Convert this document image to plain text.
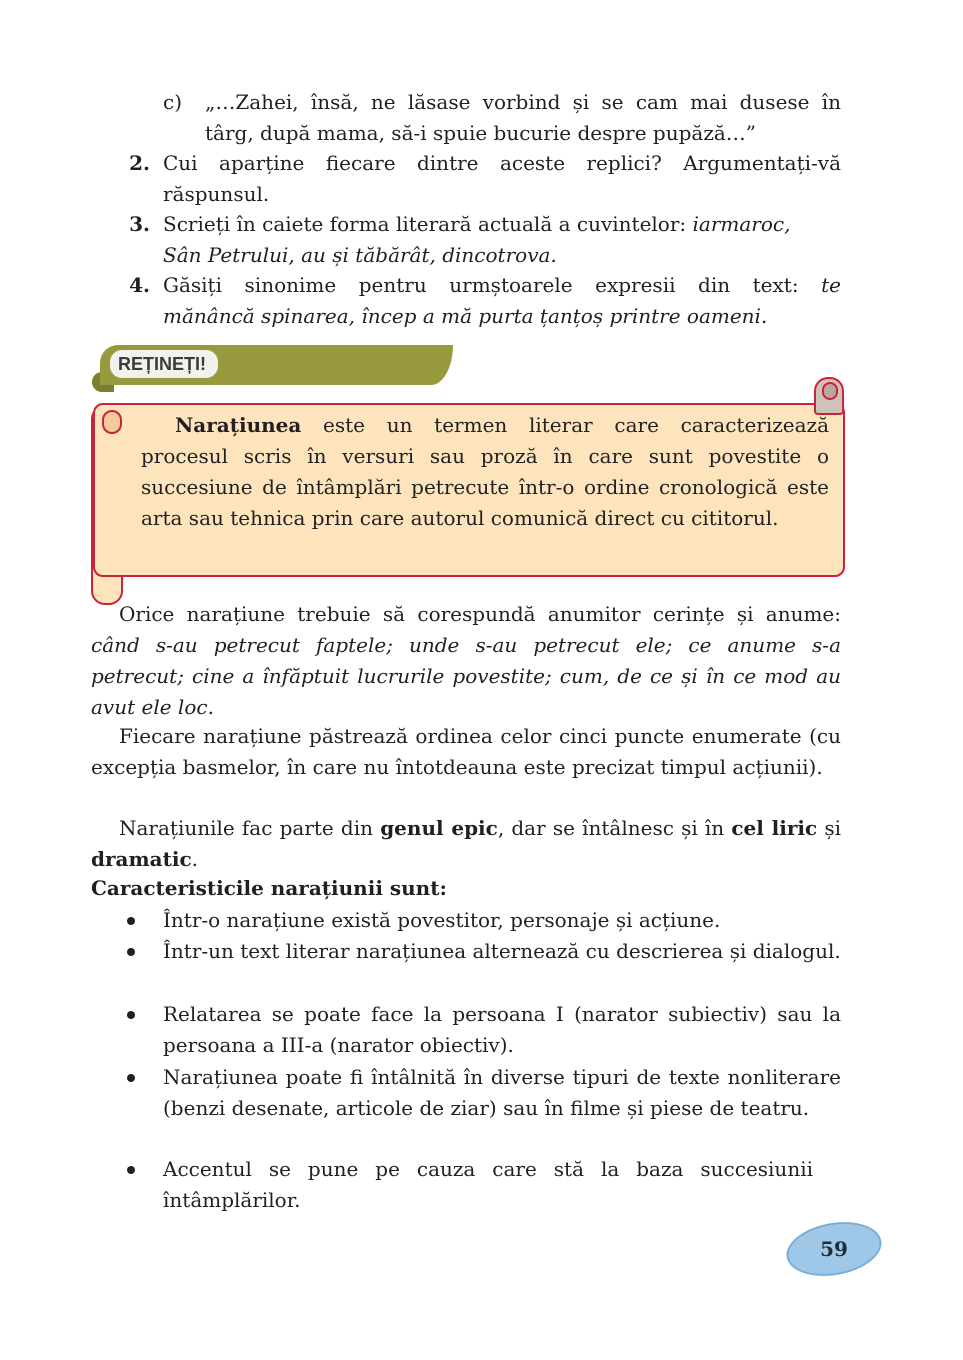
c) „…Zahei, însă, ne lăsase vorbind și se cam mai dusese în
târg, după mama, să-i spuie bucurie despre pupăză…”
2. Cui aparține fiecare dintre aceste replici? Argumentați-vă
răspunsul.
3. Scrieți în caiete forma literară actuală a cuvintelor: iarmaroc,
Sân Petrului, au și tăbărât, dincotrova.
4. Găsiți sinonime pentru urmștoarele expresii din text: te
mănâncă spinarea, încep a mă purta țanțoș printre oameni.
REȚINEȚI!
Narațiunea este un termen literar care caracterizează procesul scris în versuri sau proză în care sunt povestite o succesiune de întâmplări petrecute într-o ordine cronologică este arta sau tehnica prin care autorul comunică direct cu cititorul.
Orice narațiune trebuie să corespundă anumitor cerințe și anume: când s-au petrecut faptele; unde s-au petrecut ele; ce anume s-a petrecut; cine a înfăptuit lucrurile povestite; cum, de ce și în ce mod au avut ele loc.
Fiecare narațiune păstrează ordinea celor cinci puncte enumerate (cu excepția basmelor, în care nu întotdeauna este precizat timpul acțiunii).
Narațiunile fac parte din genul epic, dar se întâlnesc și în cel liric și dramatic.
Caracteristicile narațiunii sunt:
Într-o narațiune există povestitor, personaje și acțiune.
Într-un text literar narațiunea alternează cu descrierea și dialogul.
Relatarea se poate face la persoana I (narator subiectiv) sau la persoana a III-a (narator obiectiv).
Narațiunea poate fi întâlnită în diverse tipuri de texte nonliterare (benzi desenate, articole de ziar) sau în filme și piese de teatru.
Accentul se pune pe cauza care stă la baza succesiunii întâmplărilor.
59
